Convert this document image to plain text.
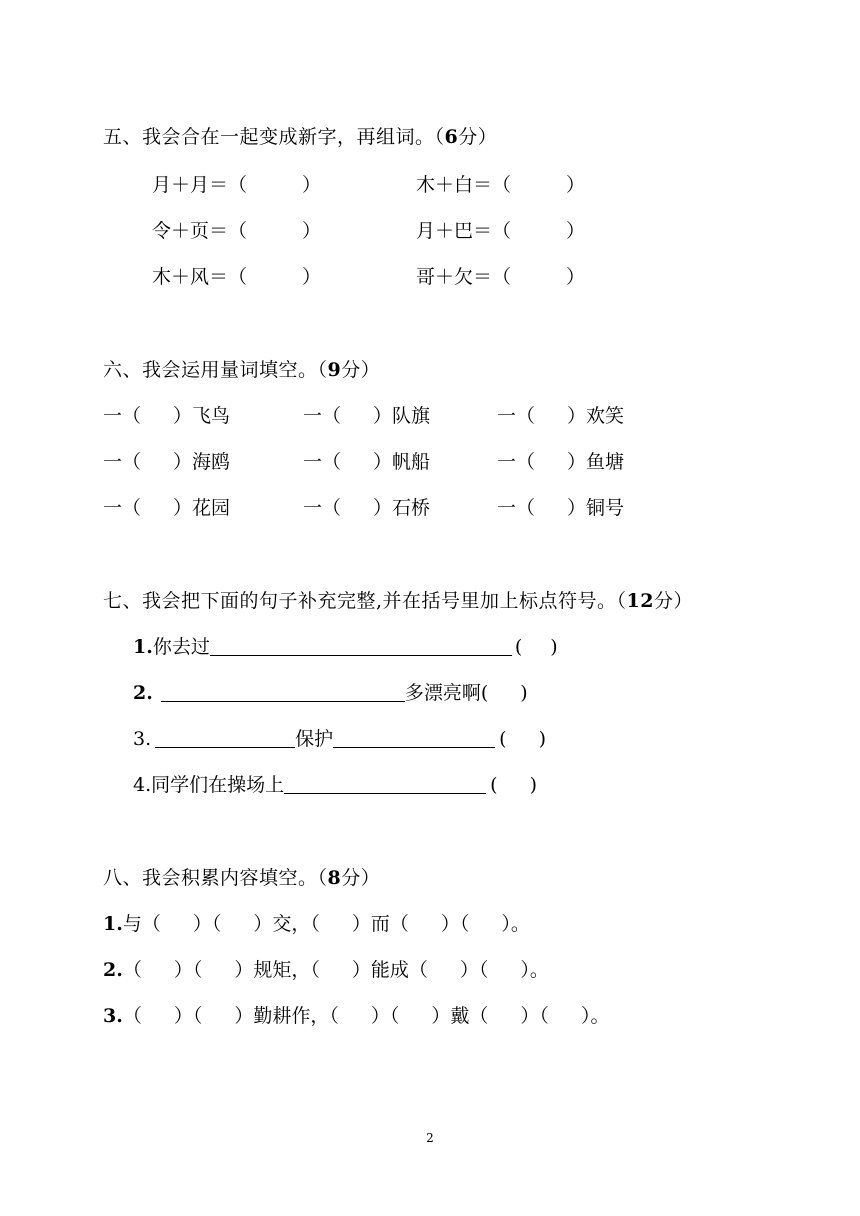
五、我会合在一起变成新字，再组词。（6分）
月＋月＝（	）	木＋白＝（	）
令＋页＝（	）	月＋巴＝（	）
木＋风＝（	）	哥＋欠＝（	）
六、我会运用量词填空。（9分）
一（ ）飞鸟	一（ ）队旗	一（ ）欢笑
一（ ）海鸥	一（ ）帆船	一（ ）鱼塘
一（ ）花园	一（ ）石桥	一（ ）铜号
七、我会把下面的句子补充完整,并在括号里加上标点符号。（12分）
1.你去过	( )
2.	多漂亮啊( )
3.	保护	( )
4.同学们在操场上	( )
八、我会积累内容填空。（8分）
1.与（ ）（ ）交，（ ）而（ ）（ ）。
2.（ ）（ ）规矩，（ ）能成（ ）（ ）。
3.（ ）（ ）勤耕作，（ ）（ ）戴（ ）（ ）。
2
